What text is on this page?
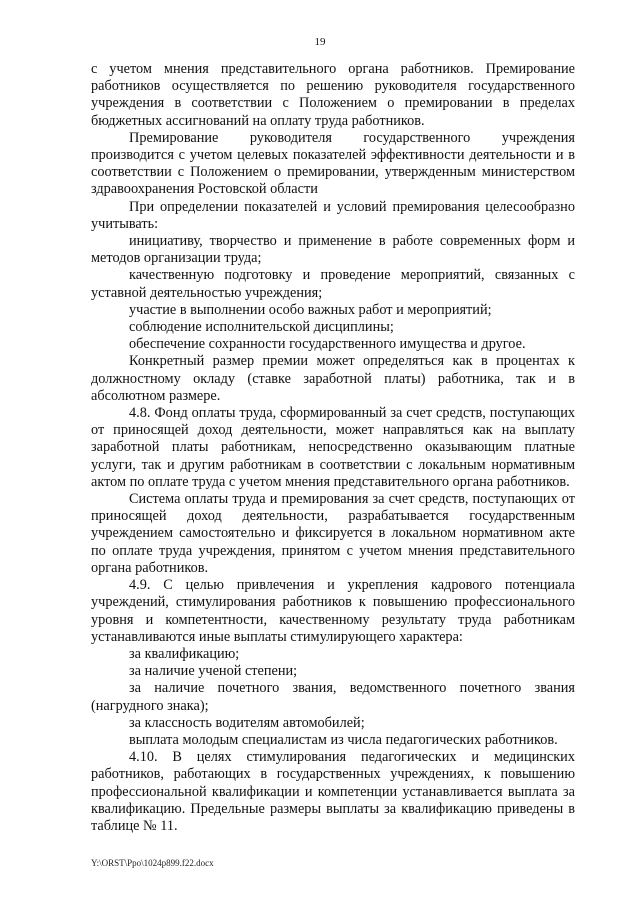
19

с учетом мнения представительного органа работников. Премирование работников осуществляется по решению руководителя государственного учреждения в соответствии с Положением о премировании в пределах бюджетных ассигнований на оплату труда работников.

Премирование руководителя государственного учреждения производится с учетом целевых показателей эффективности деятельности и в соответствии с Положением о премировании, утвержденным министерством здравоохранения Ростовской области

При определении показателей и условий премирования целесообразно учитывать:

инициативу, творчество и применение в работе современных форм и методов организации труда;

качественную подготовку и проведение мероприятий, связанных с уставной деятельностью учреждения;

участие в выполнении особо важных работ и мероприятий;

соблюдение исполнительской дисциплины;

обеспечение сохранности государственного имущества и другое.

Конкретный размер премии может определяться как в процентах к должностному окладу (ставке заработной платы) работника, так и в абсолютном размере.

4.8. Фонд оплаты труда, сформированный за счет средств, поступающих от приносящей доход деятельности, может направляться как на выплату заработной платы работникам, непосредственно оказывающим платные услуги, так и другим работникам в соответствии с локальным нормативным актом по оплате труда с учетом мнения представительного органа работников.

Система оплаты труда и премирования за счет средств, поступающих от приносящей доход деятельности, разрабатывается государственным учреждением самостоятельно и фиксируется в локальном нормативном акте по оплате труда учреждения, принятом с учетом мнения представительного органа работников.

4.9. С целью привлечения и укрепления кадрового потенциала учреждений, стимулирования работников к повышению профессионального уровня и компетентности, качественному результату труда работникам устанавливаются иные выплаты стимулирующего характера:

за квалификацию;

за наличие ученой степени;

за наличие почетного звания, ведомственного почетного звания (нагрудного знака);

за классность водителям автомобилей;

выплата молодым специалистам из числа педагогических работников.

4.10. В целях стимулирования педагогических и медицинских работников, работающих в государственных учреждениях, к повышению профессиональной квалификации и компетенции устанавливается выплата за квалификацию. Предельные размеры выплаты за квалификацию приведены в таблице № 11.

Y:\ORST\Ppo\1024p899.f22.docx
